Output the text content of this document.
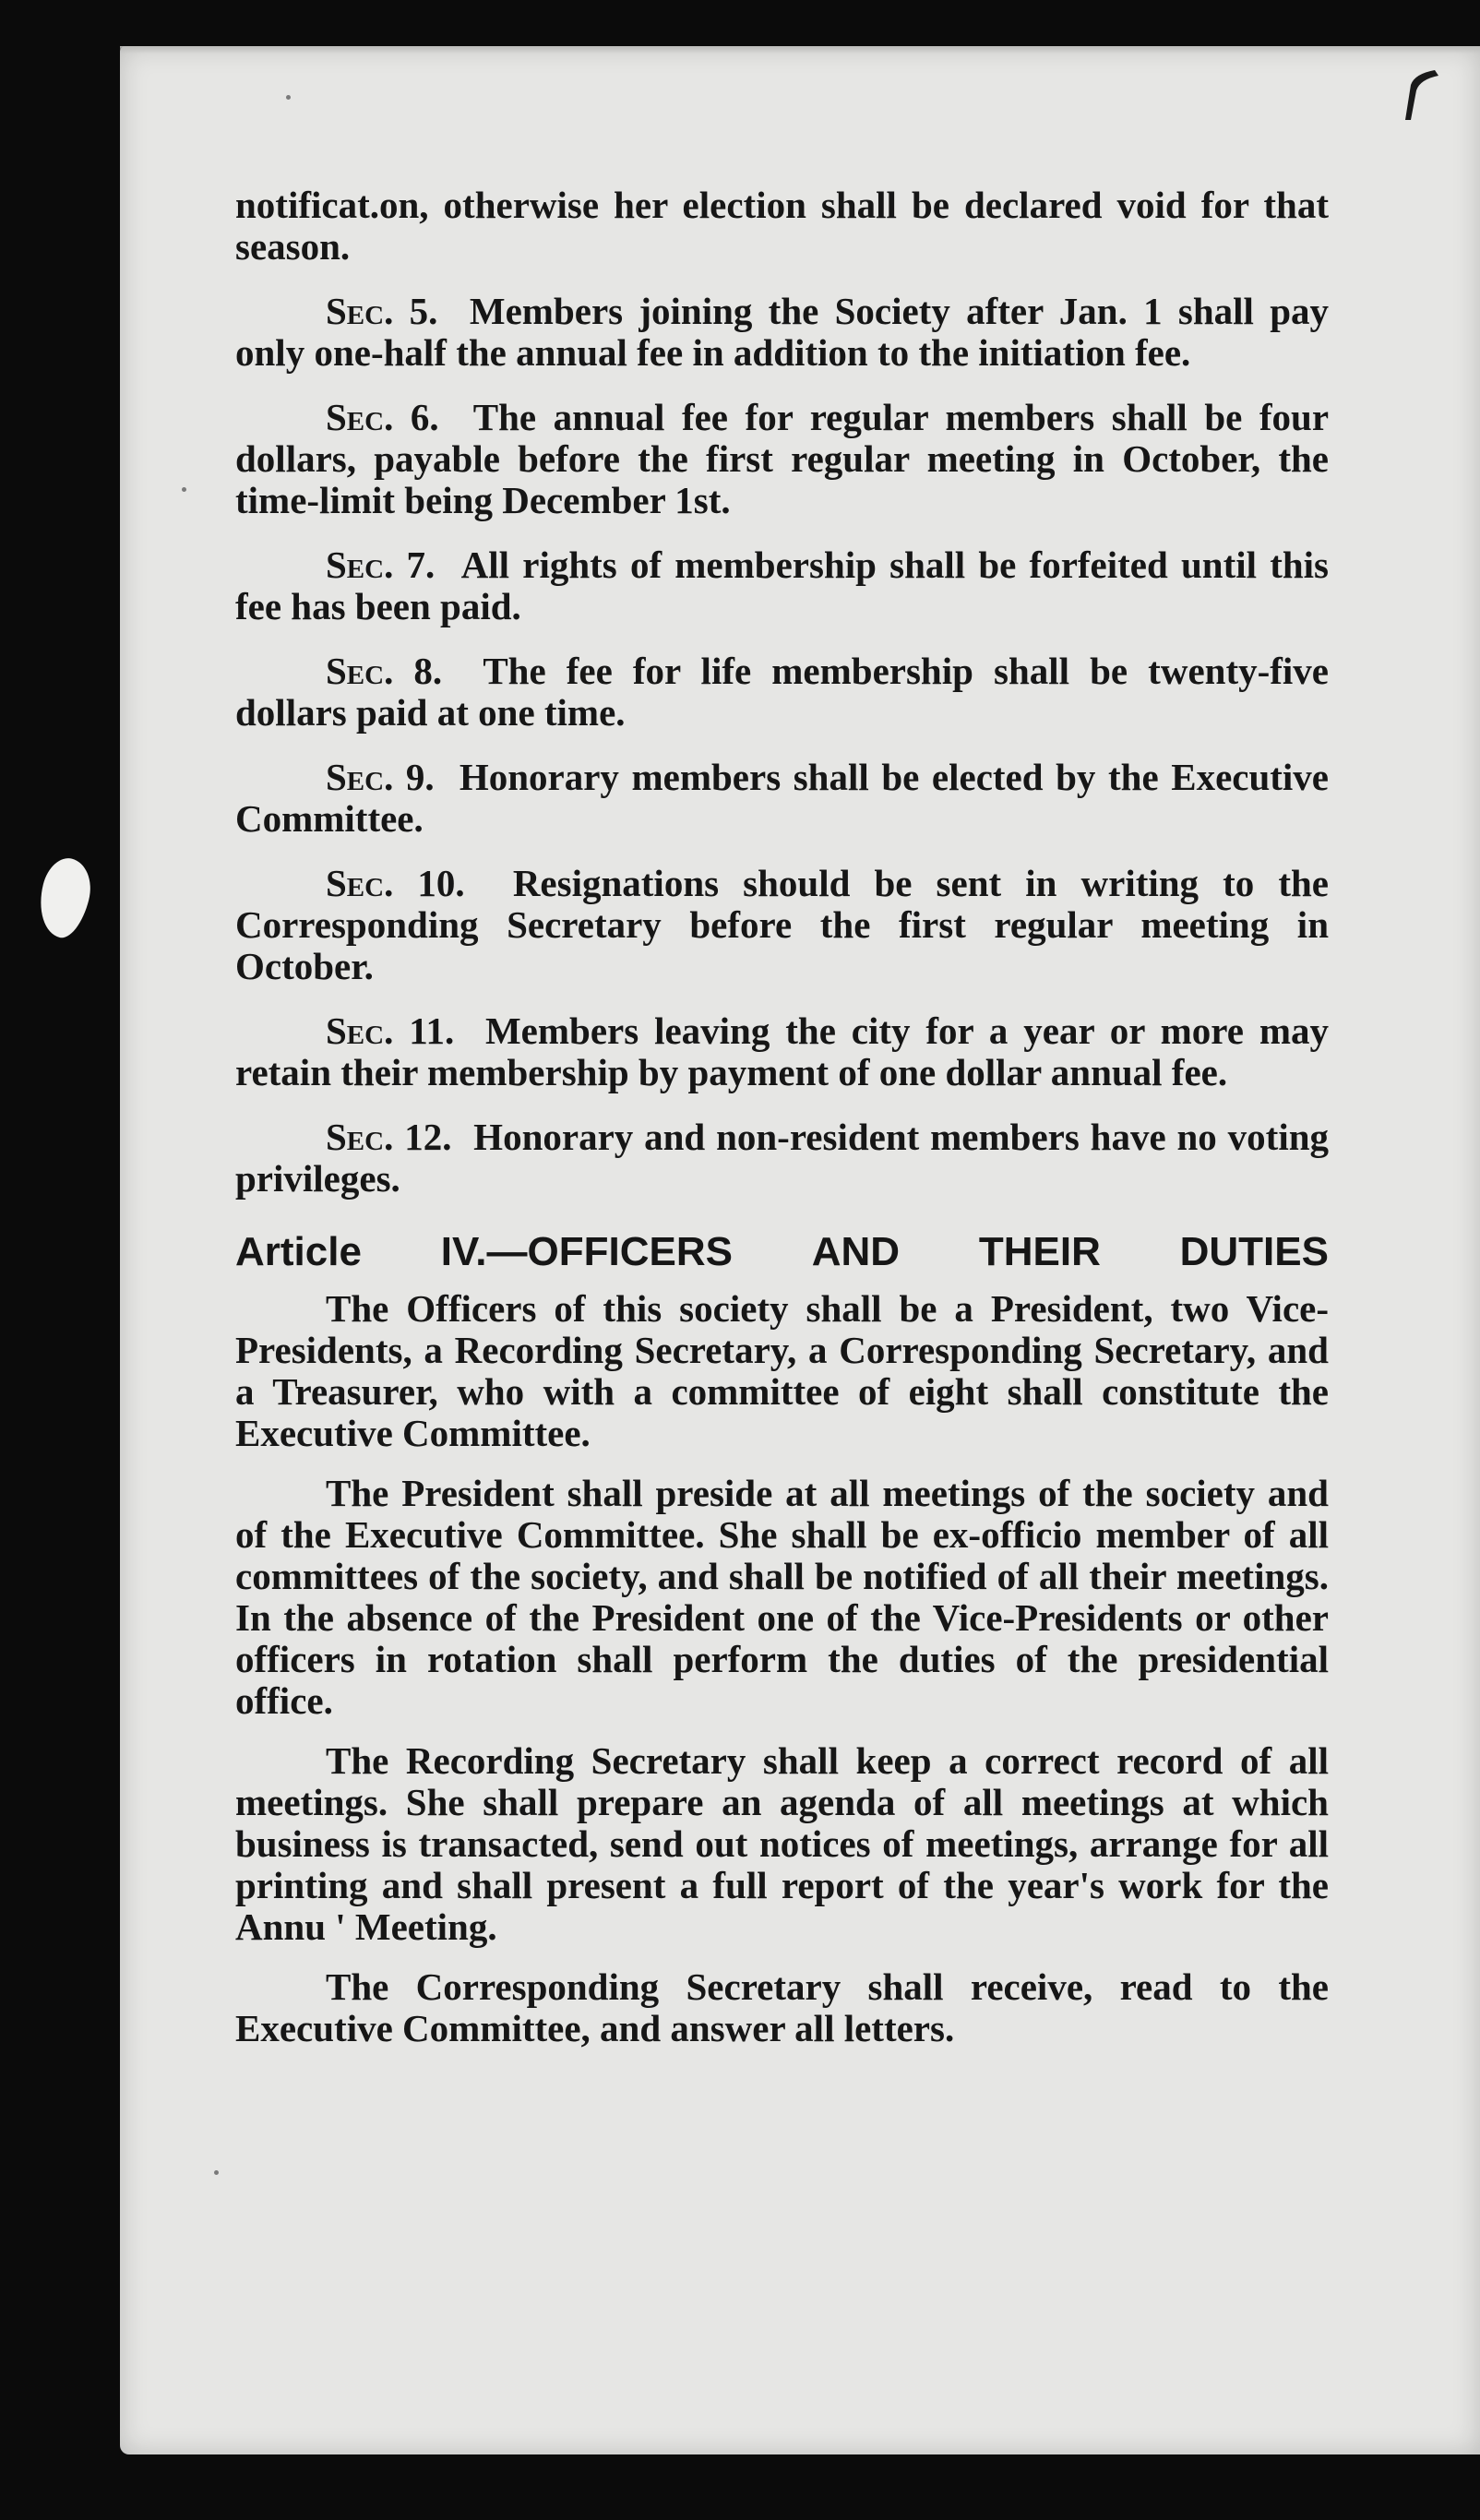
notificat.on, otherwise her election shall be declared void for that season.

Sec. 5. Members joining the Society after Jan. 1 shall pay only one-half the annual fee in addition to the initiation fee.

Sec. 6. The annual fee for regular members shall be four dollars, payable before the first regular meeting in October, the time-limit being December 1st.

Sec. 7. All rights of membership shall be forfeited until this fee has been paid.

Sec. 8. The fee for life membership shall be twenty-five dollars paid at one time.

Sec. 9. Honorary members shall be elected by the Executive Committee.

Sec. 10. Resignations should be sent in writing to the Corresponding Secretary before the first regular meeting in October.

Sec. 11. Members leaving the city for a year or more may retain their membership by payment of one dollar annual fee.

Sec. 12. Honorary and non-resident members have no voting privileges.

Article IV.—OFFICERS AND THEIR DUTIES

The Officers of this society shall be a President, two Vice-Presidents, a Recording Secretary, a Corresponding Secretary, and a Treasurer, who with a committee of eight shall constitute the Executive Committee.

The President shall preside at all meetings of the society and of the Executive Committee. She shall be ex-officio member of all committees of the society, and shall be notified of all their meetings. In the absence of the President one of the Vice-Presidents or other officers in rotation shall perform the duties of the presidential office.

The Recording Secretary shall keep a correct record of all meetings. She shall prepare an agenda of all meetings at which business is transacted, send out notices of meetings, arrange for all printing and shall present a full report of the year's work for the Annu ' Meeting.

The Corresponding Secretary shall receive, read to the Executive Committee, and answer all letters.
